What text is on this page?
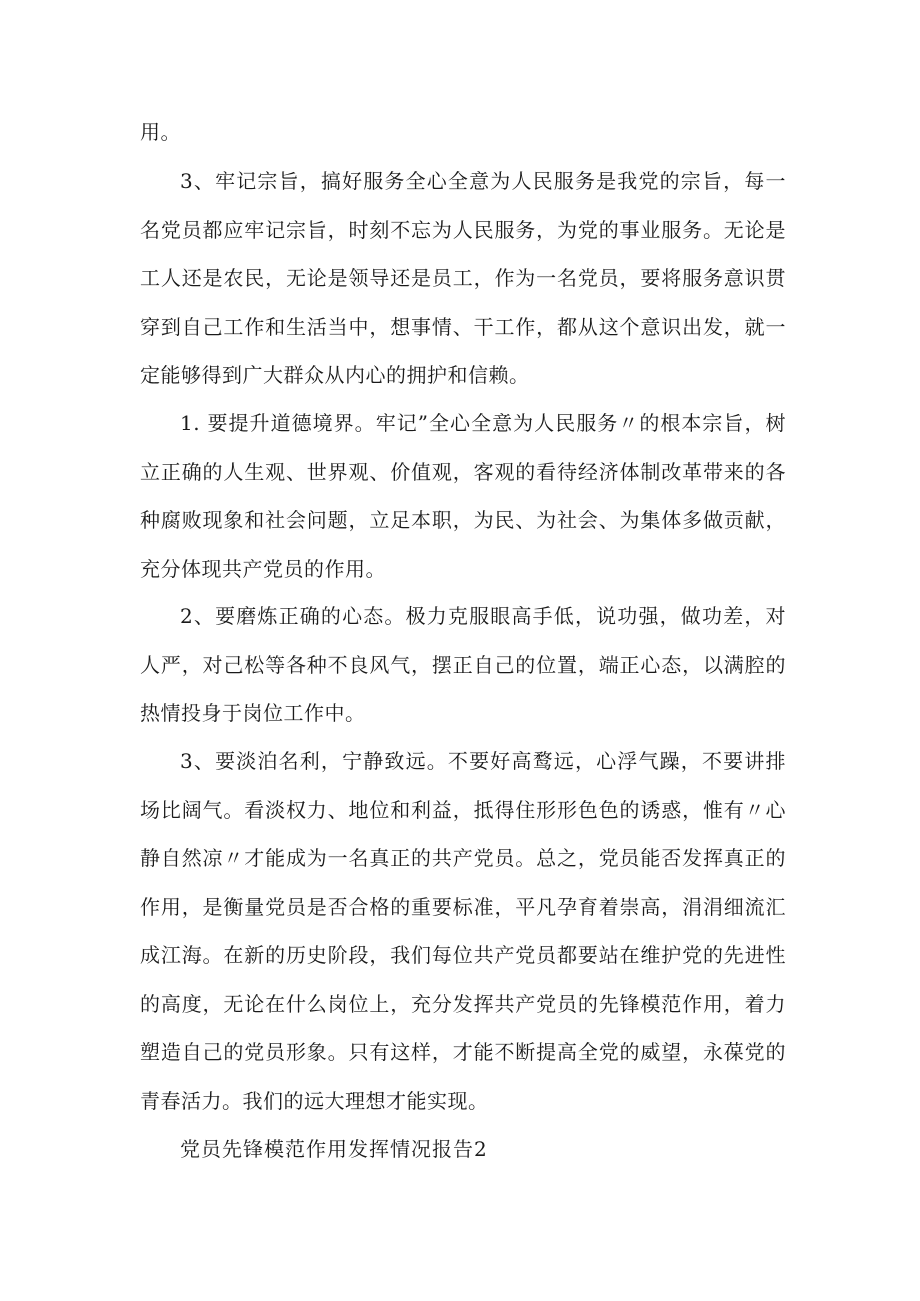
用。

3、牢记宗旨，搞好服务全心全意为人民服务是我党的宗旨，每一名党员都应牢记宗旨，时刻不忘为人民服务，为党的事业服务。无论是工人还是农民，无论是领导还是员工，作为一名党员，要将服务意识贯穿到自己工作和生活当中，想事情、干工作，都从这个意识出发，就一定能够得到广大群众从内心的拥护和信赖。

1. 要提升道德境界。牢记”全心全意为人民服务〃的根本宗旨，树立正确的人生观、世界观、价值观，客观的看待经济体制改革带来的各种腐败现象和社会问题，立足本职，为民、为社会、为集体多做贡献，充分体现共产党员的作用。

2、要磨炼正确的心态。极力克服眼高手低，说功强，做功差，对人严，对己松等各种不良风气，摆正自己的位置，端正心态，以满腔的热情投身于岗位工作中。

3、要淡泊名利，宁静致远。不要好高鹜远，心浮气躁，不要讲排场比阔气。看淡权力、地位和利益，抵得住形形色色的诱惑，惟有〃心静自然凉〃才能成为一名真正的共产党员。总之，党员能否发挥真正的作用，是衡量党员是否合格的重要标准，平凡孕育着崇高，涓涓细流汇成江海。在新的历史阶段，我们每位共产党员都要站在维护党的先进性的高度，无论在什么岗位上，充分发挥共产党员的先锋模范作用，着力塑造自己的党员形象。只有这样，才能不断提高全党的威望，永葆党的青春活力。我们的远大理想才能实现。

党员先锋模范作用发挥情况报告2
